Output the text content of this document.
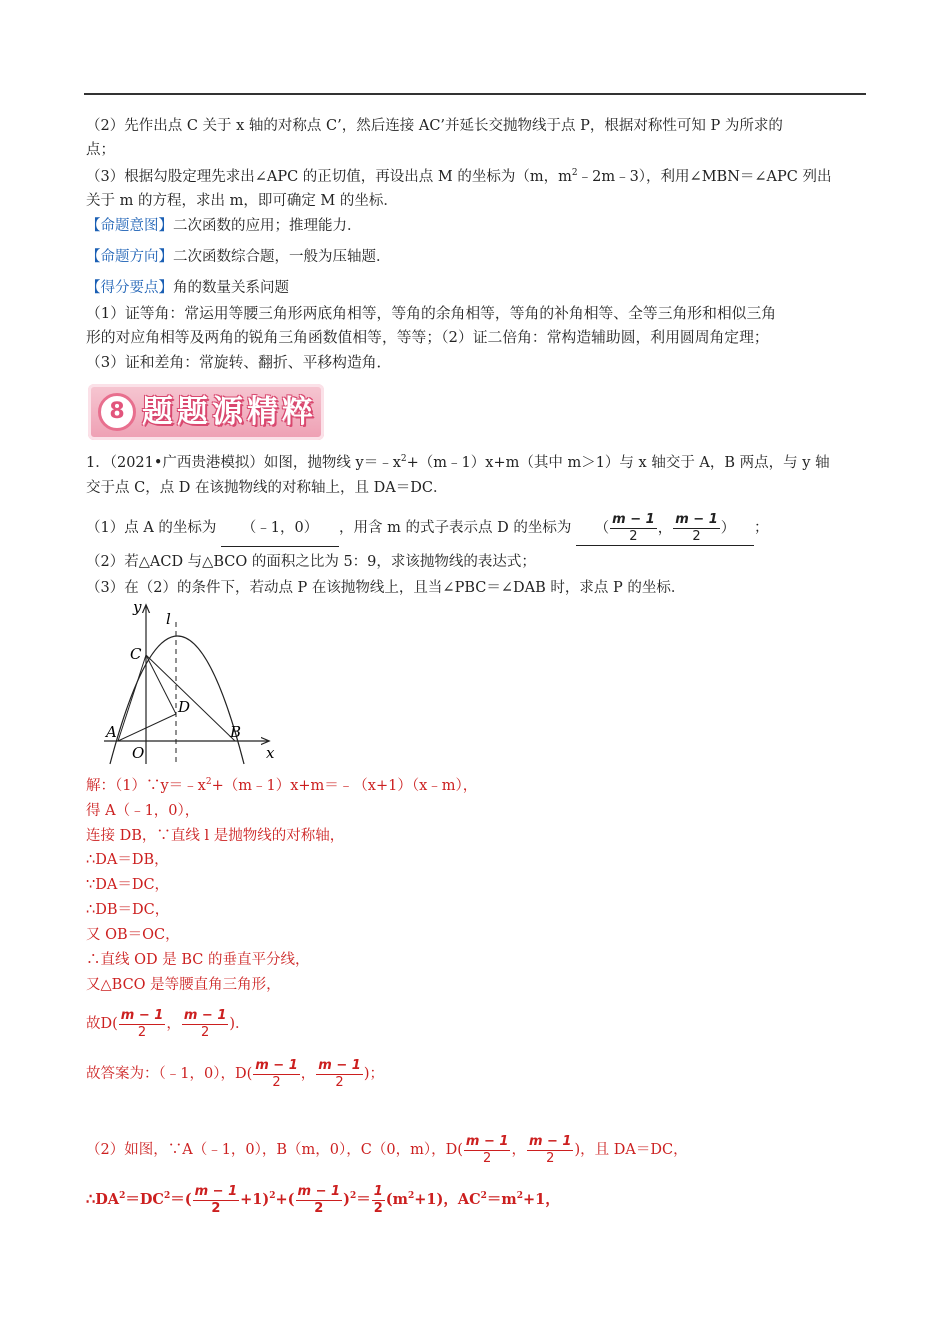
（2）先作出点 C 关于 x 轴的对称点 C’，然后连接 AC’并延长交抛物线于点 P，根据对称性可知 P 为所求的
点；
（3）根据勾股定理先求出∠APC 的正切值，再设出点 M 的坐标为（m，$m^2﹣2m﹣3$），利用∠MBN＝∠APC 列出
关于 m 的方程，求出 m，即可确定 M 的坐标．
【命题意图】二次函数的应用；推理能力．
【命题方向】二次函数综合题，一般为压轴题．
【得分要点】角的数量关系问题
（1）证等角：常运用等腰三角形两底角相等，等角的余角相等，等角的补角相等、全等三角形和相似三角
形的对应角相等及两角的锐角三角函数值相等，等等；（2）证二倍角：常构造辅助圆，利用圆周角定理；
（3）证和差角：常旋转、翻折、平移构造角．
8 题题源精粹
1．（2021•广西贵港模拟）如图，抛物线 $y=﹣x^2+(m﹣1)x+m$（其中 m＞1）与 x 轴交于 A，B 两点，与 y 轴
交于点 C，点 D 在该抛物线的对称轴上，且 DA＝DC．
（1）点 A 的坐标为 （﹣1，0） ，用含 m 的式子表示点 D 的坐标为 （ $\frac{m - 1}{2}$ ， $\frac{m - 1}{2}$ ） ；
（2）若△ACD 与△BCO 的面积之比为 5：9，求该抛物线的表达式；
（3）在（2）的条件下，若动点 P 在该抛物线上，且当∠PBC＝∠DAB 时，求点 P 的坐标．
y
l
C
D
A	B
O	x
解：$(1)\because y=﹣x^2+(m﹣1)x+m=﹣(x+1)(x﹣m)$，
得 A（﹣1，0），
连接 DB，∵直线 l 是抛物线的对称轴，
∴DA＝DB，
∵DA＝DC，
∴DB＝DC，
又 OB＝OC，
∴直线 OD 是 BC 的垂直平分线，
又△BCO 是等腰直角三角形，
故$D( \frac{m - 1}{2}$ ， $\frac{m - 1}{2}$ )．
故答案为：（﹣1，0），$D( \frac{m - 1}{2}$ ， $\frac{m - 1}{2}$ )；
（2）如图，∵A（﹣1，0），B（m，0），C（0，m），$D( \frac{m - 1}{2}$ ， $\frac{m - 1}{2}$ )，且 DA＝DC，
$\therefore DA^2=DC^2=( \frac{m - 1}{2} +1)^2+( \frac{m - 1}{2} )^2= \frac{1}{2} (m^2+1)$，$AC^2=m^2+1$，
